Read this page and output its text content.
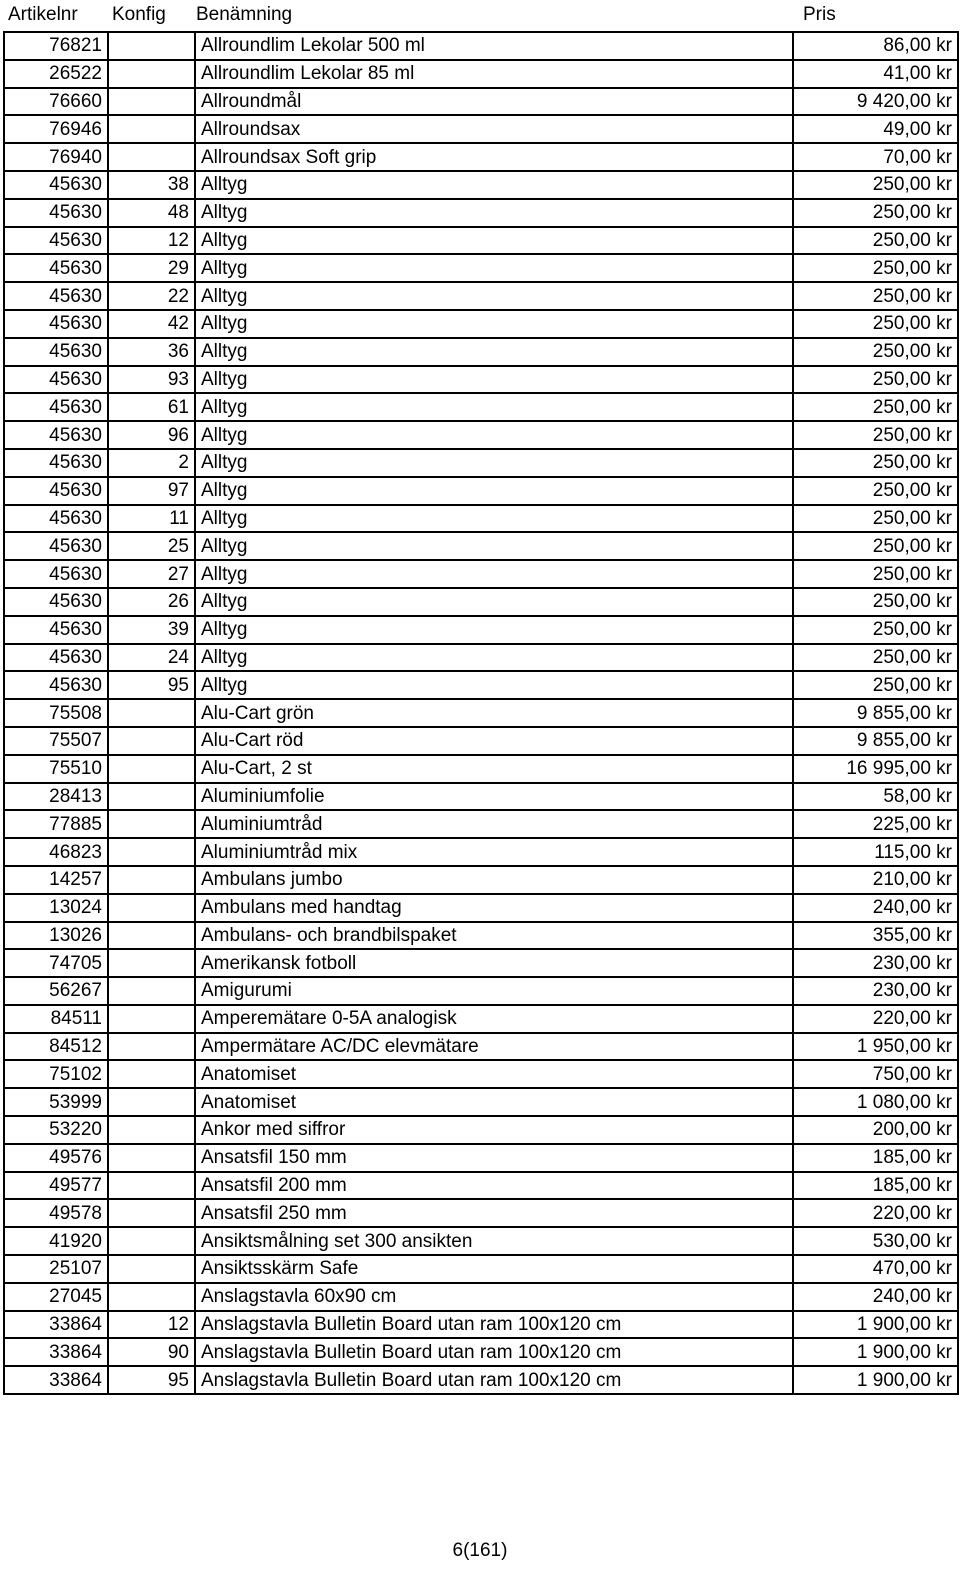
Artikelnr Konfig Benämning	Pris
76821		Allroundlim Lekolar 500 ml	86,00 kr
26522		Allroundlim Lekolar 85 ml	41,00 kr
76660		Allroundmål	9 420,00 kr
76946		Allroundsax	49,00 kr
76940		Allroundsax Soft grip	70,00 kr
45630	38	Alltyg	250,00 kr
45630	48	Alltyg	250,00 kr
45630	12	Alltyg	250,00 kr
45630	29	Alltyg	250,00 kr
45630	22	Alltyg	250,00 kr
45630	42	Alltyg	250,00 kr
45630	36	Alltyg	250,00 kr
45630	93	Alltyg	250,00 kr
45630	61	Alltyg	250,00 kr
45630	96	Alltyg	250,00 kr
45630	2	Alltyg	250,00 kr
45630	97	Alltyg	250,00 kr
45630	11	Alltyg	250,00 kr
45630	25	Alltyg	250,00 kr
45630	27	Alltyg	250,00 kr
45630	26	Alltyg	250,00 kr
45630	39	Alltyg	250,00 kr
45630	24	Alltyg	250,00 kr
45630	95	Alltyg	250,00 kr
75508		Alu-Cart grön	9 855,00 kr
75507		Alu-Cart röd	9 855,00 kr
75510		Alu-Cart, 2 st	16 995,00 kr
28413		Aluminiumfolie	58,00 kr
77885		Aluminiumtråd	225,00 kr
46823		Aluminiumtråd mix	115,00 kr
14257		Ambulans jumbo	210,00 kr
13024		Ambulans med handtag	240,00 kr
13026		Ambulans- och brandbilspaket	355,00 kr
74705		Amerikansk fotboll	230,00 kr
56267		Amigurumi	230,00 kr
84511		Amperemätare 0-5A analogisk	220,00 kr
84512		Ampermätare AC/DC elevmätare	1 950,00 kr
75102		Anatomiset	750,00 kr
53999		Anatomiset	1 080,00 kr
53220		Ankor med siffror	200,00 kr
49576		Ansatsfil 150 mm	185,00 kr
49577		Ansatsfil 200 mm	185,00 kr
49578		Ansatsfil 250 mm	220,00 kr
41920		Ansiktsmålning set 300 ansikten	530,00 kr
25107		Ansiktsskärm Safe	470,00 kr
27045		Anslagstavla 60x90 cm	240,00 kr
33864	12	Anslagstavla Bulletin Board utan ram 100x120 cm	1 900,00 kr
33864	90	Anslagstavla Bulletin Board utan ram 100x120 cm	1 900,00 kr
33864	95	Anslagstavla Bulletin Board utan ram 100x120 cm	1 900,00 kr
6(161)
